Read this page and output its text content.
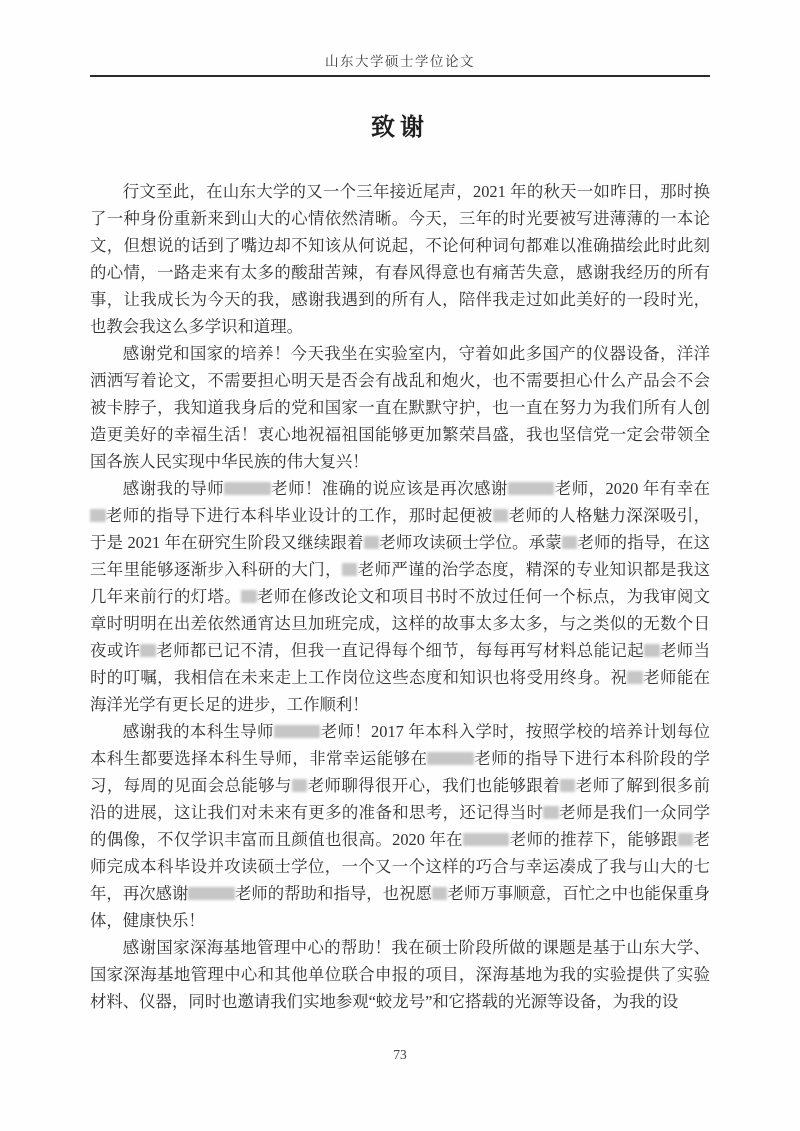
山东大学硕士学位论文
致谢

行文至此，在山东大学的又一个三年接近尾声，2021 年的秋天一如昨日，那时换了一种身份重新来到山大的心情依然清晰。今天，三年的时光要被写进薄薄的一本论文，但想说的话到了嘴边却不知该从何说起，不论何种词句都难以准确描绘此时此刻的心情，一路走来有太多的酸甜苦辣，有春风得意也有痛苦失意，感谢我经历的所有事，让我成长为今天的我，感谢我遇到的所有人，陪伴我走过如此美好的一段时光，也教会我这么多学识和道理。

感谢党和国家的培养！今天我坐在实验室内，守着如此多国产的仪器设备，洋洋洒洒写着论文，不需要担心明天是否会有战乱和炮火，也不需要担心什么产品会不会被卡脖子，我知道我身后的党和国家一直在默默守护，也一直在努力为我们所有人创造更美好的幸福生活！衷心地祝福祖国能够更加繁荣昌盛，我也坚信党一定会带领全国各族人民实现中华民族的伟大复兴！

感谢我的导师	老师！准确的说应该是再次感谢	老师，2020 年有幸在老师的指导下进行本科毕业设计的工作，那时起便被 老师的人格魅力深深吸引，于是 2021 年在研究生阶段又继续跟着 老师攻读硕士学位。承蒙 老师的指导，在这三年里能够逐渐步入科研的大门， 老师严谨的治学态度，精深的专业知识都是我这几年来前行的灯塔。 老师在修改论文和项目书时不放过任何一个标点，为我审阅文章时明明在出差依然通宵达旦加班完成，这样的故事太多太多，与之类似的无数个日夜或许 老师都已记不清，但我一直记得每个细节，每每再写材料总能记起 老师当时的叮嘱，我相信在未来走上工作岗位这些态度和知识也将受用终身。祝 老师能在海洋光学有更长足的进步，工作顺利！

感谢我的本科生导师	老师！2017 年本科入学时，按照学校的培养计划每位本科生都要选择本科生导师，非常幸运能够在	老师的指导下进行本科阶段的学习，每周的见面会总能够与 老师聊得很开心，我们也能够跟着 老师了解到很多前沿的进展，这让我们对未来有更多的准备和思考，还记得当时 老师是我们一众同学的偶像，不仅学识丰富而且颜值也很高。2020 年在	老师的推荐下，能够跟 老师完成本科毕设并攻读硕士学位，一个又一个这样的巧合与幸运凑成了我与山大的七年，再次感谢	老师的帮助和指导，也祝愿 老师万事顺意，百忙之中也能保重身体，健康快乐！

感谢国家深海基地管理中心的帮助！我在硕士阶段所做的课题是基于山东大学、国家深海基地管理中心和其他单位联合申报的项目，深海基地为我的实验提供了实验材料、仪器，同时也邀请我们实地参观“蛟龙号”和它搭载的光源等设备，为我的设

73
